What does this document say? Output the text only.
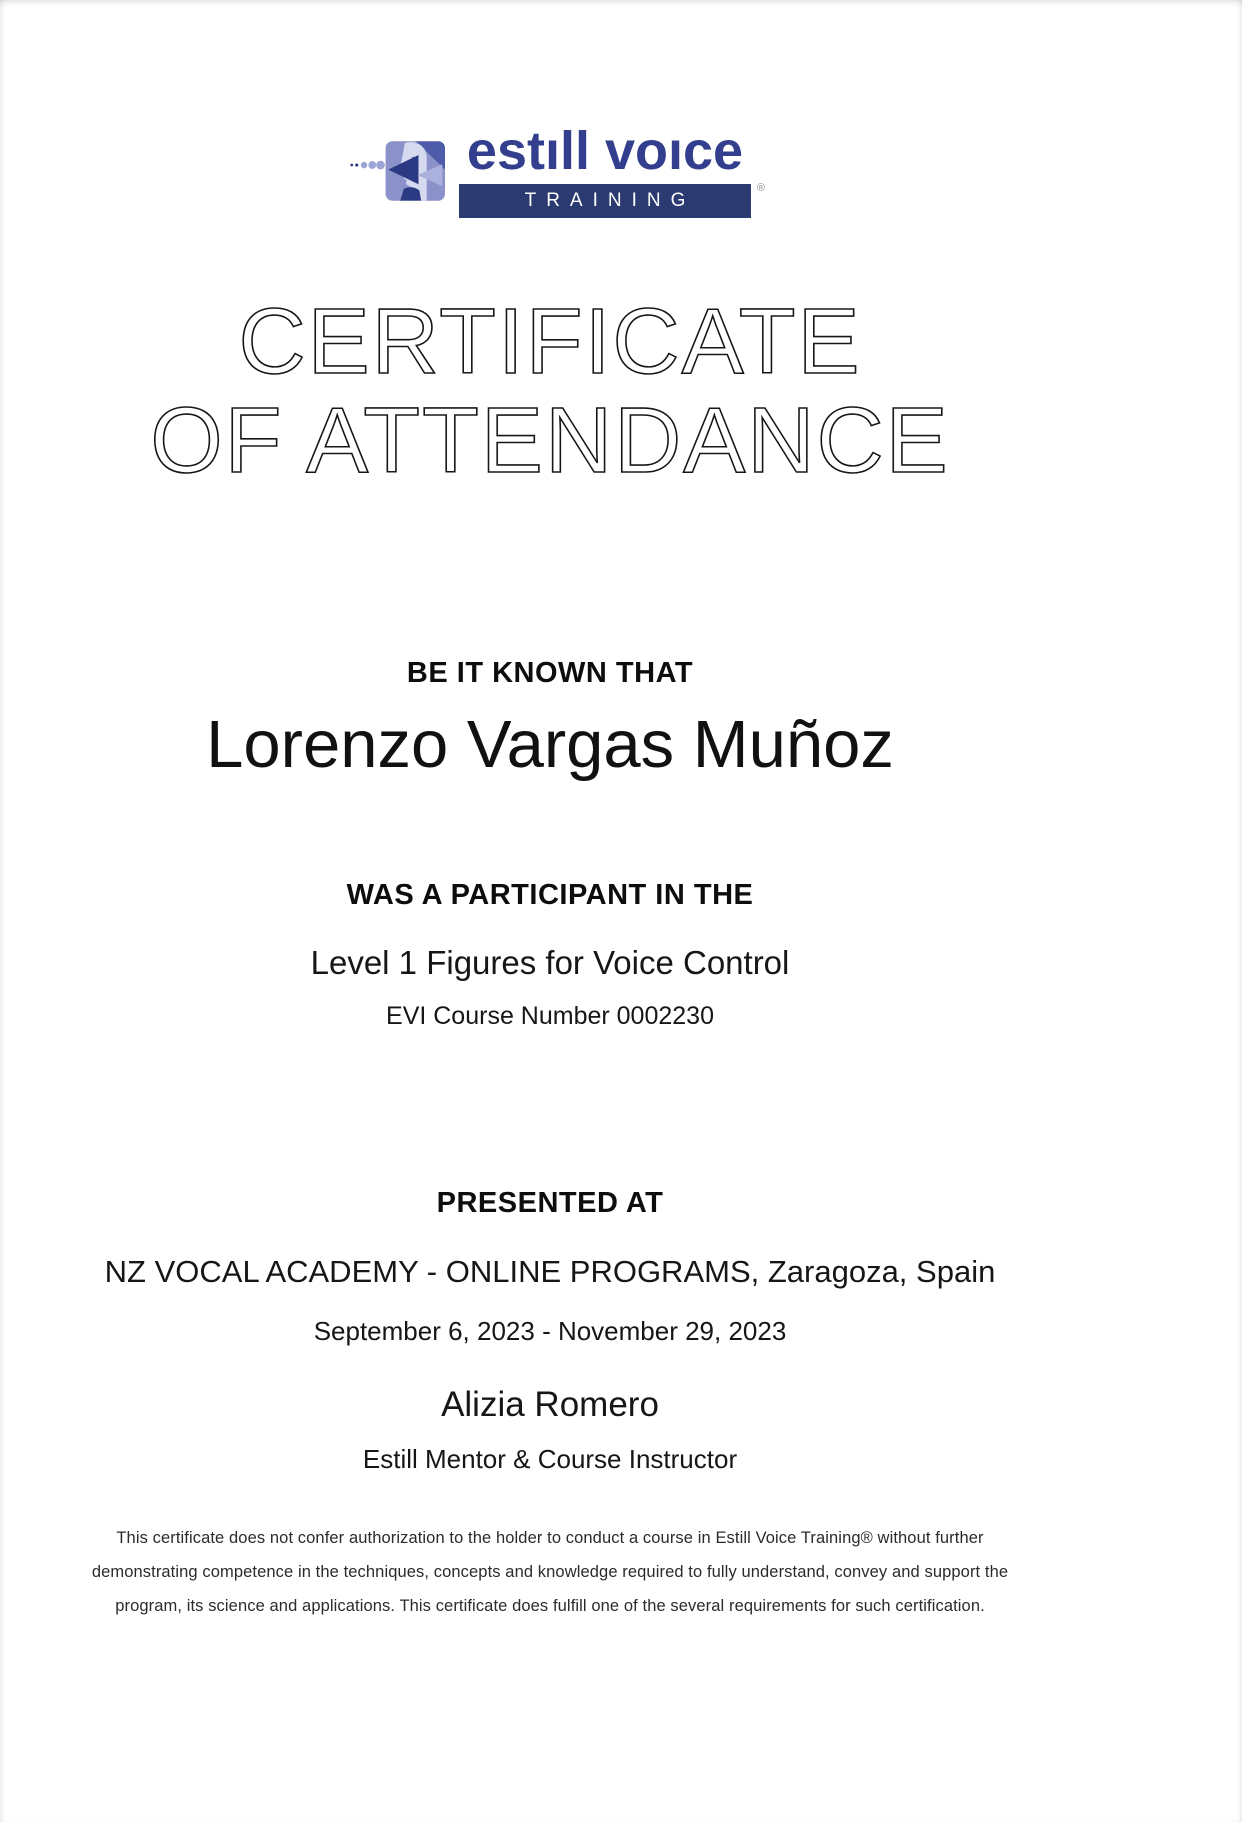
estıll voıce
TRAINING
®
CERTIFICATE
OF ATTENDANCE
BE IT KNOWN THAT
Lorenzo Vargas Muñoz
WAS A PARTICIPANT IN THE
Level 1 Figures for Voice Control
EVI Course Number 0002230
PRESENTED AT
NZ VOCAL ACADEMY - ONLINE PROGRAMS, Zaragoza, Spain
September 6, 2023 - November 29, 2023
Alizia Romero
Estill Mentor & Course Instructor
This certificate does not confer authorization to the holder to conduct a course in Estill Voice Training® without further
demonstrating competence in the techniques, concepts and knowledge required to fully understand, convey and support the
program, its science and applications. This certificate does fulfill one of the several requirements for such certification.
